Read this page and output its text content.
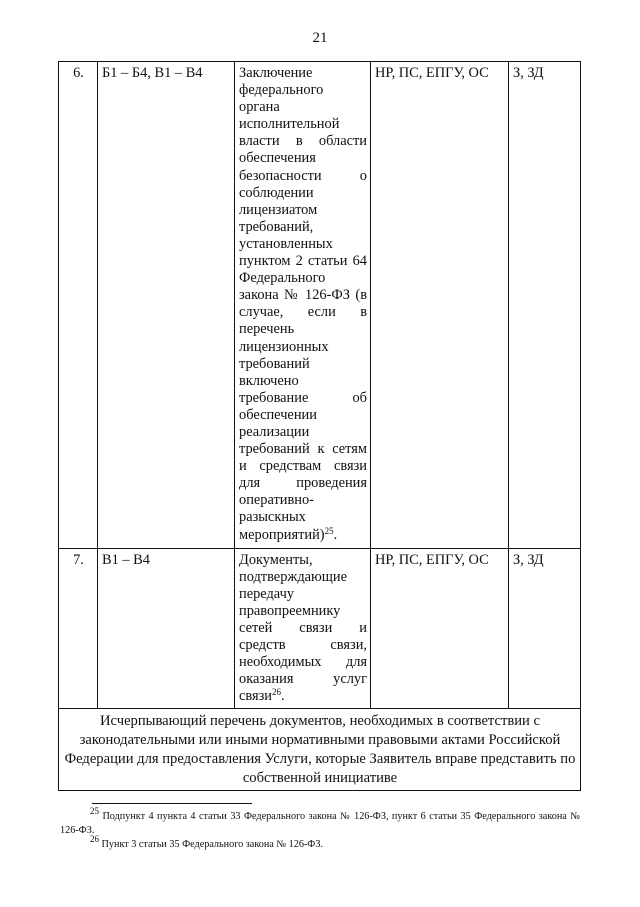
21
6.	Б1 – Б4, В1 – В4	Заключение федерального органа исполнительной власти в области обеспечения безопасности о соблюдении лицензиатом требований, установленных пунктом 2 статьи 64 Федерального закона № 126-ФЗ (в случае, если в перечень лицензионных требований включено требование об обеспечении реализации требований к сетям и средствам связи для проведения оперативно-разыскных мероприятий)$^{25}$.	НР, ПС, ЕПГУ, ОС	З, ЗД
7.	В1 – В4	Документы, подтверждающие передачу правопреемнику сетей связи и средств связи, необходимых для оказания услуг связи$^{26}$.	НР, ПС, ЕПГУ, ОС	З, ЗД
Исчерпывающий перечень документов, необходимых в соответствии с законодательными или иными нормативными правовыми актами Российской Федерации для предоставления Услуги, которые Заявитель вправе представить по собственной инициативе				

$^{25}$ Подпункт 4 пункта 4 статьи 33 Федерального закона № 126-ФЗ, пункт 6 статьи 35 Федерального закона № 126-ФЗ.

$^{26}$ Пункт 3 статьи 35 Федерального закона № 126-ФЗ.
